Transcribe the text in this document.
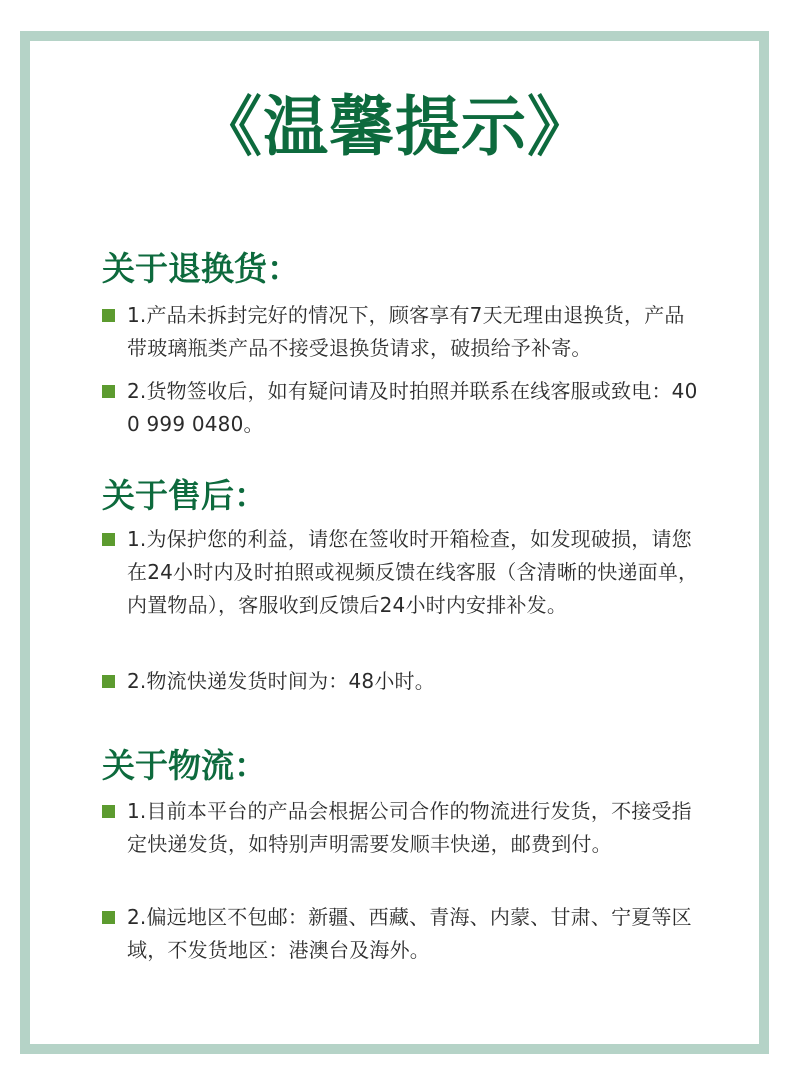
《温馨提示》
关于退换货：
1.产品未拆封完好的情况下，顾客享有7天无理由退换货，产品带玻璃瓶类产品不接受退换货请求，破损给予补寄。
2.货物签收后，如有疑问请及时拍照并联系在线客服或致电：400 999 0480。
关于售后：
1.为保护您的利益，请您在签收时开箱检查，如发现破损，请您在24小时内及时拍照或视频反馈在线客服（含清晰的快递面单，内置物品），客服收到反馈后24小时内安排补发。
2.物流快递发货时间为：48小时。
关于物流：
1.目前本平台的产品会根据公司合作的物流进行发货，不接受指定快递发货，如特别声明需要发顺丰快递，邮费到付。
2.偏远地区不包邮：新疆、西藏、青海、内蒙、甘肃、宁夏等区域，不发货地区：港澳台及海外。
